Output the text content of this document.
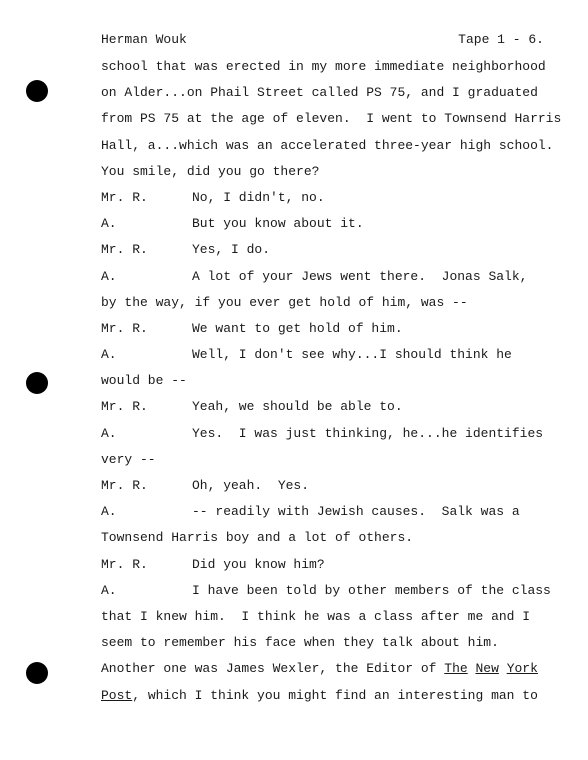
Herman Wouk	Tape 1 - 6.
school that was erected in my more immediate neighborhood
on Alder...on Phail Street called PS 75, and I graduated
from PS 75 at the age of eleven.  I went to Townsend Harris
Hall, a...which was an accelerated three-year high school.
You smile, did you go there?
Mr. R.	No, I didn't, no.
A.	But you know about it.
Mr. R.	Yes, I do.
A.	A lot of your Jews went there.  Jonas Salk,
by the way, if you ever get hold of him, was --
Mr. R.	We want to get hold of him.
A.	Well, I don't see why...I should think he
would be --
Mr. R.	Yeah, we should be able to.
A.	Yes.  I was just thinking, he...he identifies
very --
Mr. R.	Oh, yeah.  Yes.
A.	-- readily with Jewish causes.  Salk was a
Townsend Harris boy and a lot of others.
Mr. R.	Did you know him?
A.	I have been told by other members of the class
that I knew him.  I think he was a class after me and I
seem to remember his face when they talk about him.
Another one was James Wexler, the Editor of The New York
Post, which I think you might find an interesting man to
